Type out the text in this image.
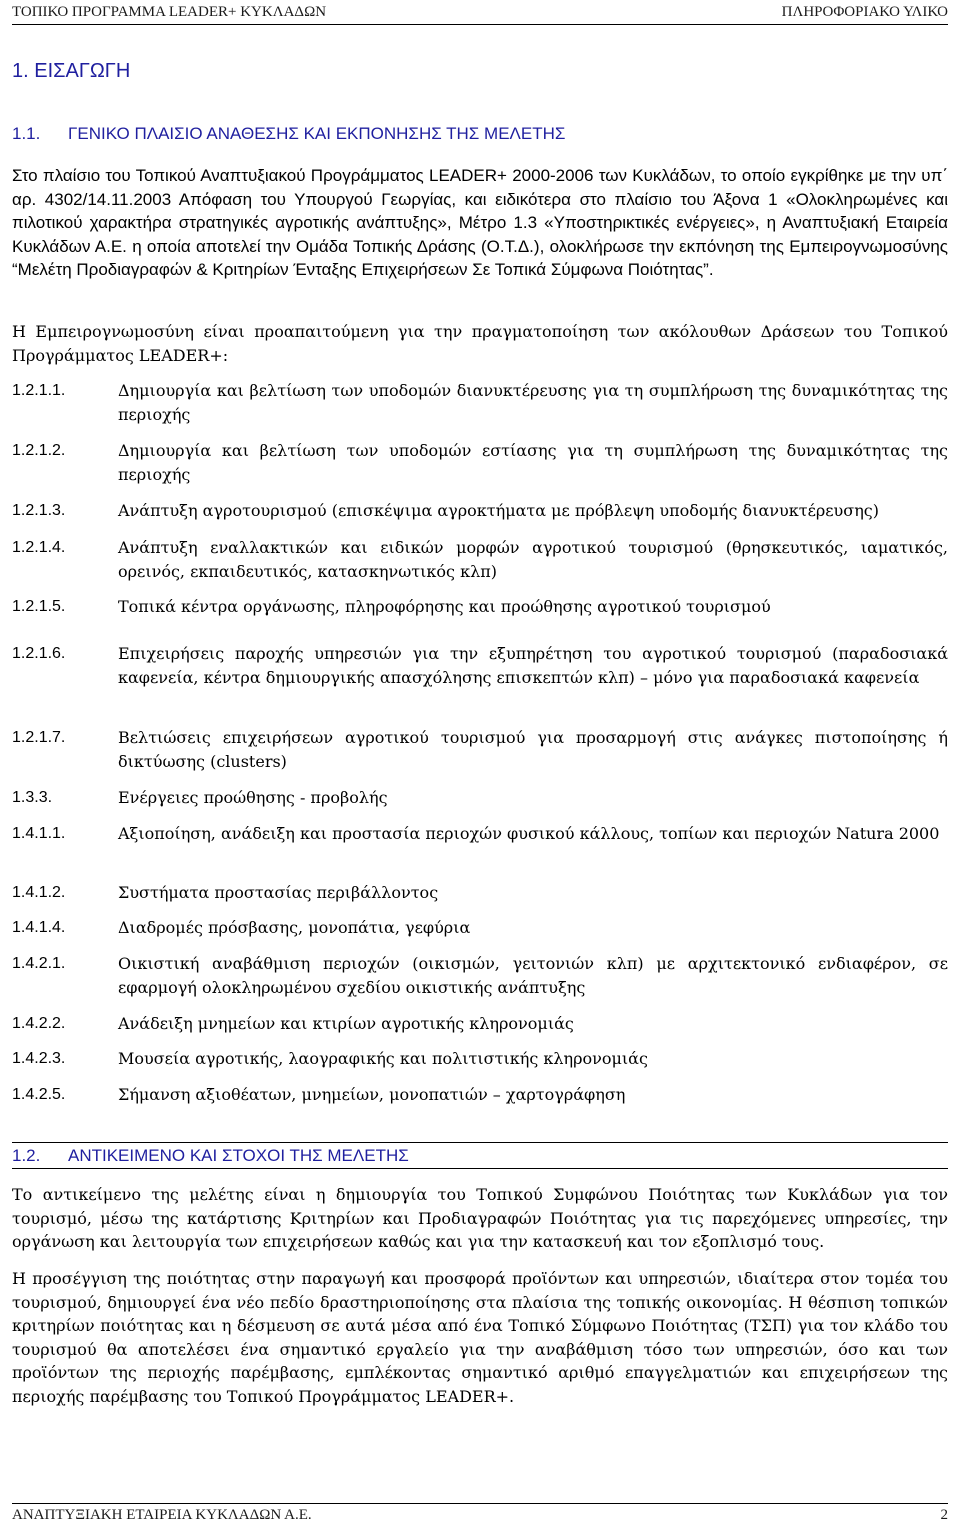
ΤΟΠΙΚΟ ΠΡΟΓΡΑΜΜΑ LEADER+ ΚΥΚΛΑΔΩΝ	ΠΛΗΡΟΦΟΡΙΑΚΟ ΥΛΙΚΟ
1. ΕΙΣΑΓΩΓΗ
1.1. ΓΕΝΙΚΟ ΠΛΑΙΣΙΟ ΑΝΑΘΕΣΗΣ ΚΑΙ ΕΚΠΟΝΗΣΗΣ ΤΗΣ ΜΕΛΕΤΗΣ
Στο πλαίσιο του Τοπικού Αναπτυξιακού Προγράμματος LEADER+ 2000-2006 των Κυκλάδων, το οποίο εγκρίθηκε με την υπ΄ αρ. 4302/14.11.2003 Απόφαση του Υπουργού Γεωργίας, και ειδικότερα στο πλαίσιο του Άξονα 1 «Ολοκληρωμένες και πιλοτικού χαρακτήρα στρατηγικές αγροτικής ανάπτυξης», Μέτρο 1.3 «Υποστηρικτικές ενέργειες», η Αναπτυξιακή Εταιρεία Κυκλάδων Α.Ε. η οποία αποτελεί την Ομάδα Τοπικής Δράσης (Ο.Τ.Δ.), ολοκλήρωσε την εκπόνηση της Εμπειρογνωμοσύνης “Μελέτη Προδιαγραφών & Κριτηρίων Ένταξης Επιχειρήσεων Σε Τοπικά Σύμφωνα Ποιότητας”.
Η Εμπειρογνωμοσύνη είναι προαπαιτούμενη για την πραγματοποίηση των ακόλουθων Δράσεων του Τοπικού Προγράμματος LEADER+:
1.2.1.1.	Δημιουργία και βελτίωση των υποδομών διανυκτέρευσης για τη συμπλήρωση της δυναμικότητας της περιοχής
1.2.1.2.	Δημιουργία και βελτίωση των υποδομών εστίασης για τη συμπλήρωση της δυναμικότητας της περιοχής
1.2.1.3.	Ανάπτυξη αγροτουρισμού (επισκέψιμα αγροκτήματα με πρόβλεψη υποδομής διανυκτέρευσης)
1.2.1.4.	Ανάπτυξη εναλλακτικών και ειδικών μορφών αγροτικού τουρισμού (θρησκευτικός, ιαματικός, ορεινός, εκπαιδευτικός, κατασκηνωτικός κλπ)
1.2.1.5.	Τοπικά κέντρα οργάνωσης, πληροφόρησης και προώθησης αγροτικού τουρισμού
1.2.1.6.	Επιχειρήσεις παροχής υπηρεσιών για την εξυπηρέτηση του αγροτικού τουρισμού (παραδοσιακά καφενεία, κέντρα δημιουργικής απασχόλησης επισκεπτών κλπ) – μόνο για παραδοσιακά καφενεία
1.2.1.7.	Βελτιώσεις επιχειρήσεων αγροτικού τουρισμού για προσαρμογή στις ανάγκες πιστοποίησης ή δικτύωσης (clusters)
1.3.3.	Ενέργειες προώθησης - προβολής
1.4.1.1.	Αξιοποίηση, ανάδειξη και προστασία περιοχών φυσικού κάλλους, τοπίων και περιοχών Natura 2000
1.4.1.2.	Συστήματα προστασίας περιβάλλοντος
1.4.1.4.	Διαδρομές πρόσβασης, μονοπάτια, γεφύρια
1.4.2.1.	Οικιστική αναβάθμιση περιοχών (οικισμών, γειτονιών κλπ) με αρχιτεκτονικό ενδιαφέρον, σε εφαρμογή ολοκληρωμένου σχεδίου οικιστικής ανάπτυξης
1.4.2.2.	Ανάδειξη μνημείων και κτιρίων αγροτικής κληρονομιάς
1.4.2.3.	Μουσεία αγροτικής, λαογραφικής και πολιτιστικής κληρονομιάς
1.4.2.5.	Σήμανση αξιοθέατων, μνημείων, μονοπατιών – χαρτογράφηση
1.2. ΑΝΤΙΚΕΙΜΕΝΟ ΚΑΙ ΣΤΟΧΟΙ ΤΗΣ ΜΕΛΕΤΗΣ
Το αντικείμενο της μελέτης είναι η δημιουργία του Τοπικού Συμφώνου Ποιότητας των Κυκλάδων για τον τουρισμό, μέσω της κατάρτισης Κριτηρίων και Προδιαγραφών Ποιότητας για τις παρεχόμενες υπηρεσίες, την οργάνωση και λειτουργία των επιχειρήσεων καθώς και για την κατασκευή και τον εξοπλισμό τους.
Η προσέγγιση της ποιότητας στην παραγωγή και προσφορά προϊόντων και υπηρεσιών, ιδιαίτερα στον τομέα του τουρισμού, δημιουργεί ένα νέο πεδίο δραστηριοποίησης στα πλαίσια της τοπικής οικονομίας. Η θέσπιση τοπικών κριτηρίων ποιότητας και η δέσμευση σε αυτά μέσα από ένα Τοπικό Σύμφωνο Ποιότητας (ΤΣΠ) για τον κλάδο του τουρισμού θα αποτελέσει ένα σημαντικό εργαλείο για την αναβάθμιση τόσο των υπηρεσιών, όσο και των προϊόντων της περιοχής παρέμβασης, εμπλέκοντας σημαντικό αριθμό επαγγελματιών και επιχειρήσεων της περιοχής παρέμβασης του Τοπικού Προγράμματος LEADER+.
ΑΝΑΠΤΥΞΙΑΚΗ ΕΤΑΙΡΕΙΑ ΚΥΚΛΑΔΩΝ Α.Ε.	2
